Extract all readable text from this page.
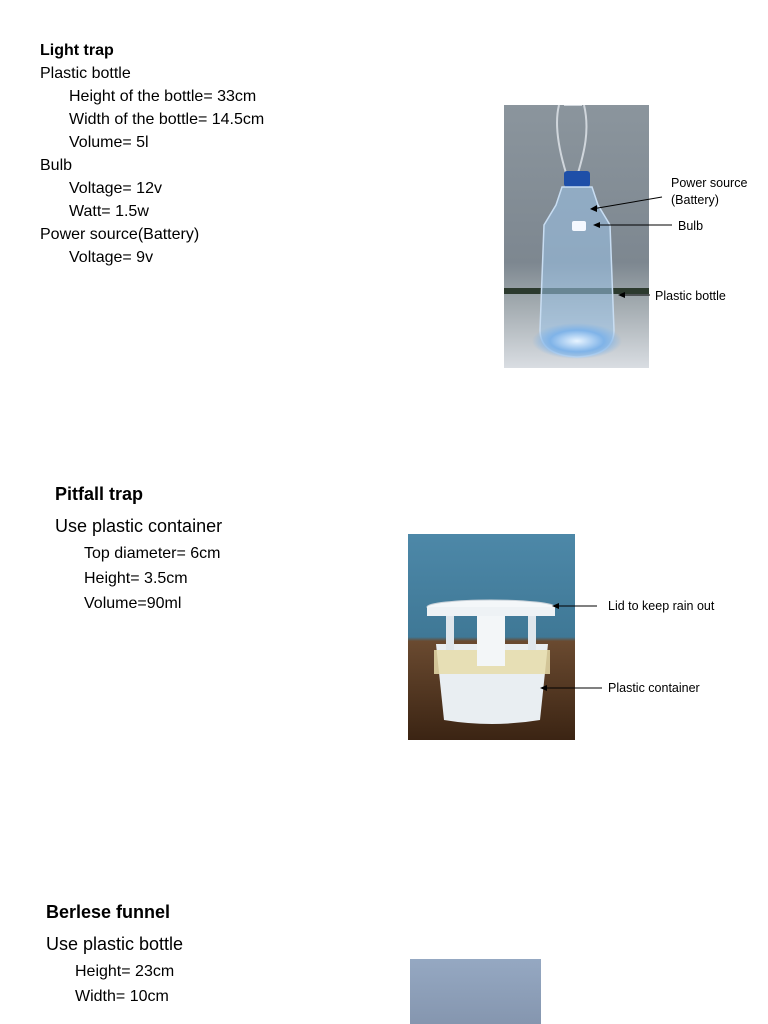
Light trap
Plastic bottle
Height of the bottle= 33cm
Width of the bottle= 14.5cm
Volume= 5l
Bulb
Voltage= 12v
Watt= 1.5w
Power source(Battery)
Voltage= 9v
Power source
(Battery)
Bulb
Plastic bottle
Pitfall trap
Use plastic container
Top diameter= 6cm
Height= 3.5cm
Volume=90ml	Lid to keep rain out
Plastic container
Berlese funnel
Use plastic bottle
Height= 23cm
Width= 10cm
